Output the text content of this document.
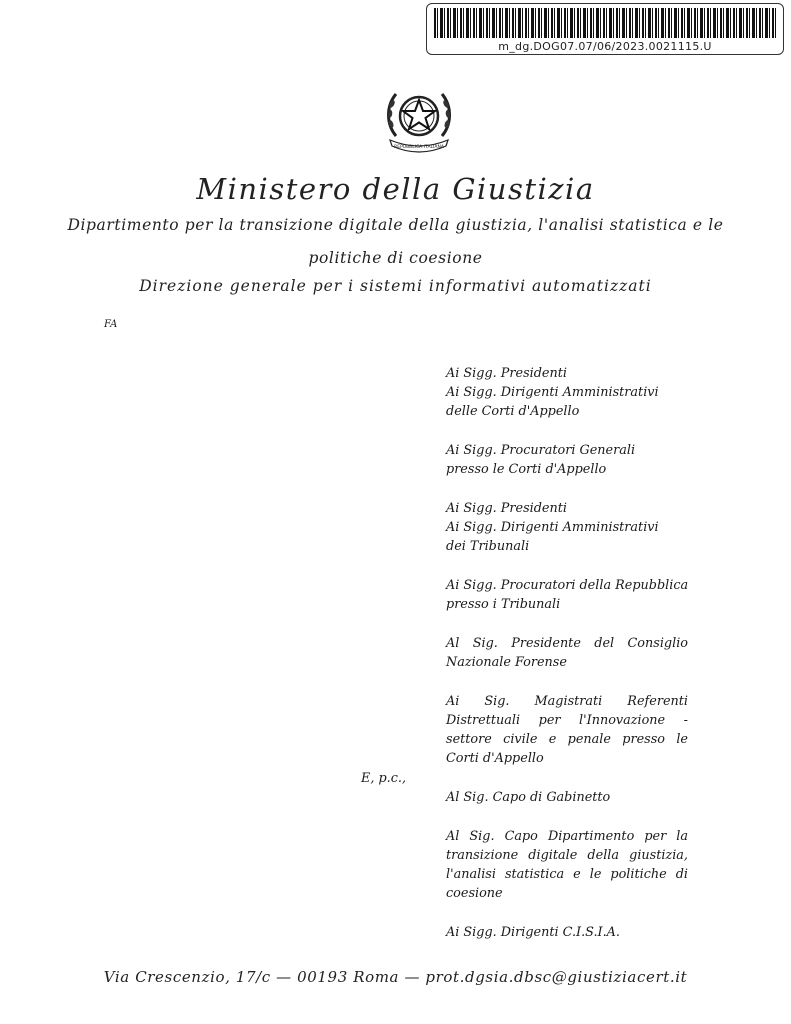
m_dg.DOG07.07/06/2023.0021115.U
REPUBBLICA ITALIANA
Ministero della Giustizia
Dipartimento per la transizione digitale della giustizia, l'analisi statistica e le
politiche di coesione
Direzione generale per i sistemi informativi automatizzati
FA
Ai Sigg. Presidenti
Ai Sigg. Dirigenti Amministrativi
delle Corti d'Appello
Ai Sigg. Procuratori Generali
presso le Corti d'Appello
Ai Sigg. Presidenti
Ai Sigg. Dirigenti Amministrativi
dei Tribunali
Ai Sigg. Procuratori della Repubblica
presso i Tribunali
Al Sig. Presidente del Consiglio Nazionale Forense
Ai Sig. Magistrati Referenti Distrettuali per l'Innovazione - settore civile e penale presso le Corti d'Appello
Al Sig. Capo di Gabinetto
Al Sig. Capo Dipartimento per la transizione digitale della giustizia, l'analisi statistica e le politiche di coesione
Ai Sigg. Dirigenti C.I.S.I.A.
E, p.c.,
Via Crescenzio, 17/c — 00193 Roma — prot.dgsia.dbsc@giustiziacert.it
